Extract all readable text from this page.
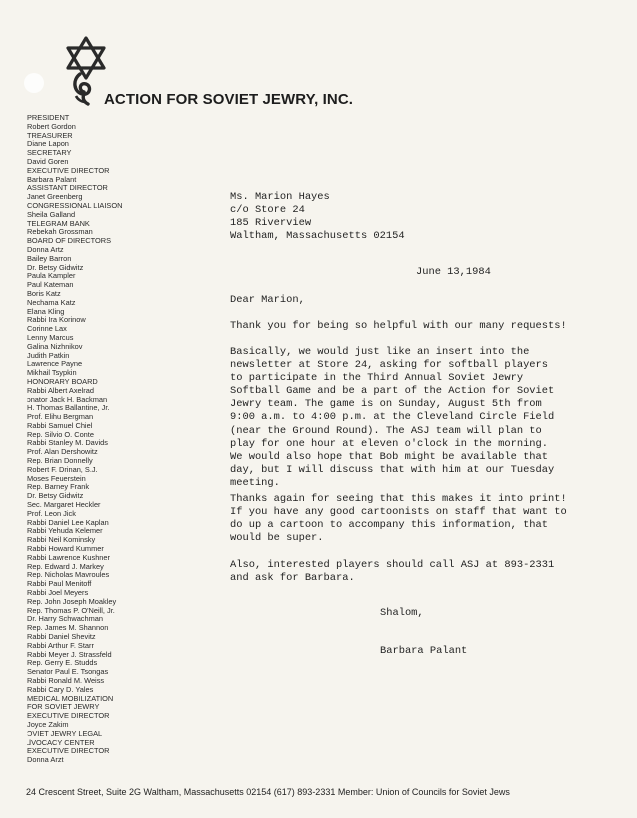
ACTION FOR SOVIET JEWRY, INC.
PRESIDENT
Robert Gordon
TREASURER
Diane Lapon
SECRETARY
David Goren
EXECUTIVE DIRECTOR
Barbara Palant
ASSISTANT DIRECTOR
Janet Greenberg
CONGRESSIONAL LIAISON
Sheila Galland
TELEGRAM BANK
Rebekah Grossman
BOARD OF DIRECTORS
Donna Artz
Bailey Barron
Dr. Betsy Gidwitz
Paula Kampler
Paul Kateman
Boris Katz
Nechama Katz
Elana Kling
Rabbi Ira Korinow
Corinne Lax
Lenny Marcus
Galina Nizhnikov
Judith Patkin
Lawrence Payne
Mikhail Tsypkin
HONORARY BOARD
Rabbi Albert Axelrad
ɔnator Jack H. Backman
H. Thomas Ballantine, Jr.
Prof. Elihu Bergman
Rabbi Samuel Chiel
Rep. Silvio O. Conte
Rabbi Stanley M. Davids
Prof. Alan Dershowitz
Rep. Brian Donnelly
Robert F. Drinan, S.J.
Moses Feuerstein
Rep. Barney Frank
Dr. Betsy Gidwitz
Sec. Margaret Heckler
Prof. Leon Jick
Rabbi Daniel Lee Kaplan
Rabbi Yehuda Kelemer
Rabbi Neil Kominsky
Rabbi Howard Kummer
Rabbi Lawrence Kushner
Rep. Edward J. Markey
Rep. Nicholas Mavroules
Rabbi Paul Menitoff
Rabbi Joel Meyers
Rep. John Joseph Moakley
Rep. Thomas P. O'Neill, Jr.
Dr. Harry Schwachman
Rep. James M. Shannon
Rabbi Daniel Shevitz
Rabbi Arthur F. Starr
Rabbi Meyer J. Strassfeld
Rep. Gerry E. Studds
Senator Paul E. Tsongas
Rabbi Ronald M. Weiss
Rabbi Cary D. Yales
MEDICAL MOBILIZATION
FOR SOVIET JEWRY
EXECUTIVE DIRECTOR
Joyce Zakim
ƆVIET JEWRY LEGAL
⅃VOCACY CENTER
EXECUTIVE DIRECTOR
Donna Arzt
Ms. Marion Hayes
c/o Store 24
185 Riverview
Waltham, Massachusetts 02154
June 13,1984
Dear Marion,
Thank you for being so helpful with our many requests!
Basically, we would just like an insert into the
newsletter at Store 24, asking for softball players
to participate in the Third Annual Soviet Jewry
Softball Game and be a part of the Action for Soviet
Jewry team. The game is on Sunday, August 5th from
9:00 a.m. to 4:00 p.m. at the Cleveland Circle Field
(near the Ground Round). The ASJ team will plan to
play for one hour at eleven o'clock in the morning.
We would also hope that Bob might be available that
day, but I will discuss that with him at our Tuesday
meeting.
Thanks again for seeing that this makes it into print!
If you have any good cartoonists on staff that want to
do up a cartoon to accompany this information, that
would be super.
Also, interested players should call ASJ at 893-2331
and ask for Barbara.
Shalom,
Barbara Palant
24 Crescent Street, Suite 2G Waltham, Massachusetts 02154 (617) 893-2331 Member: Union of Councils for Soviet Jews
